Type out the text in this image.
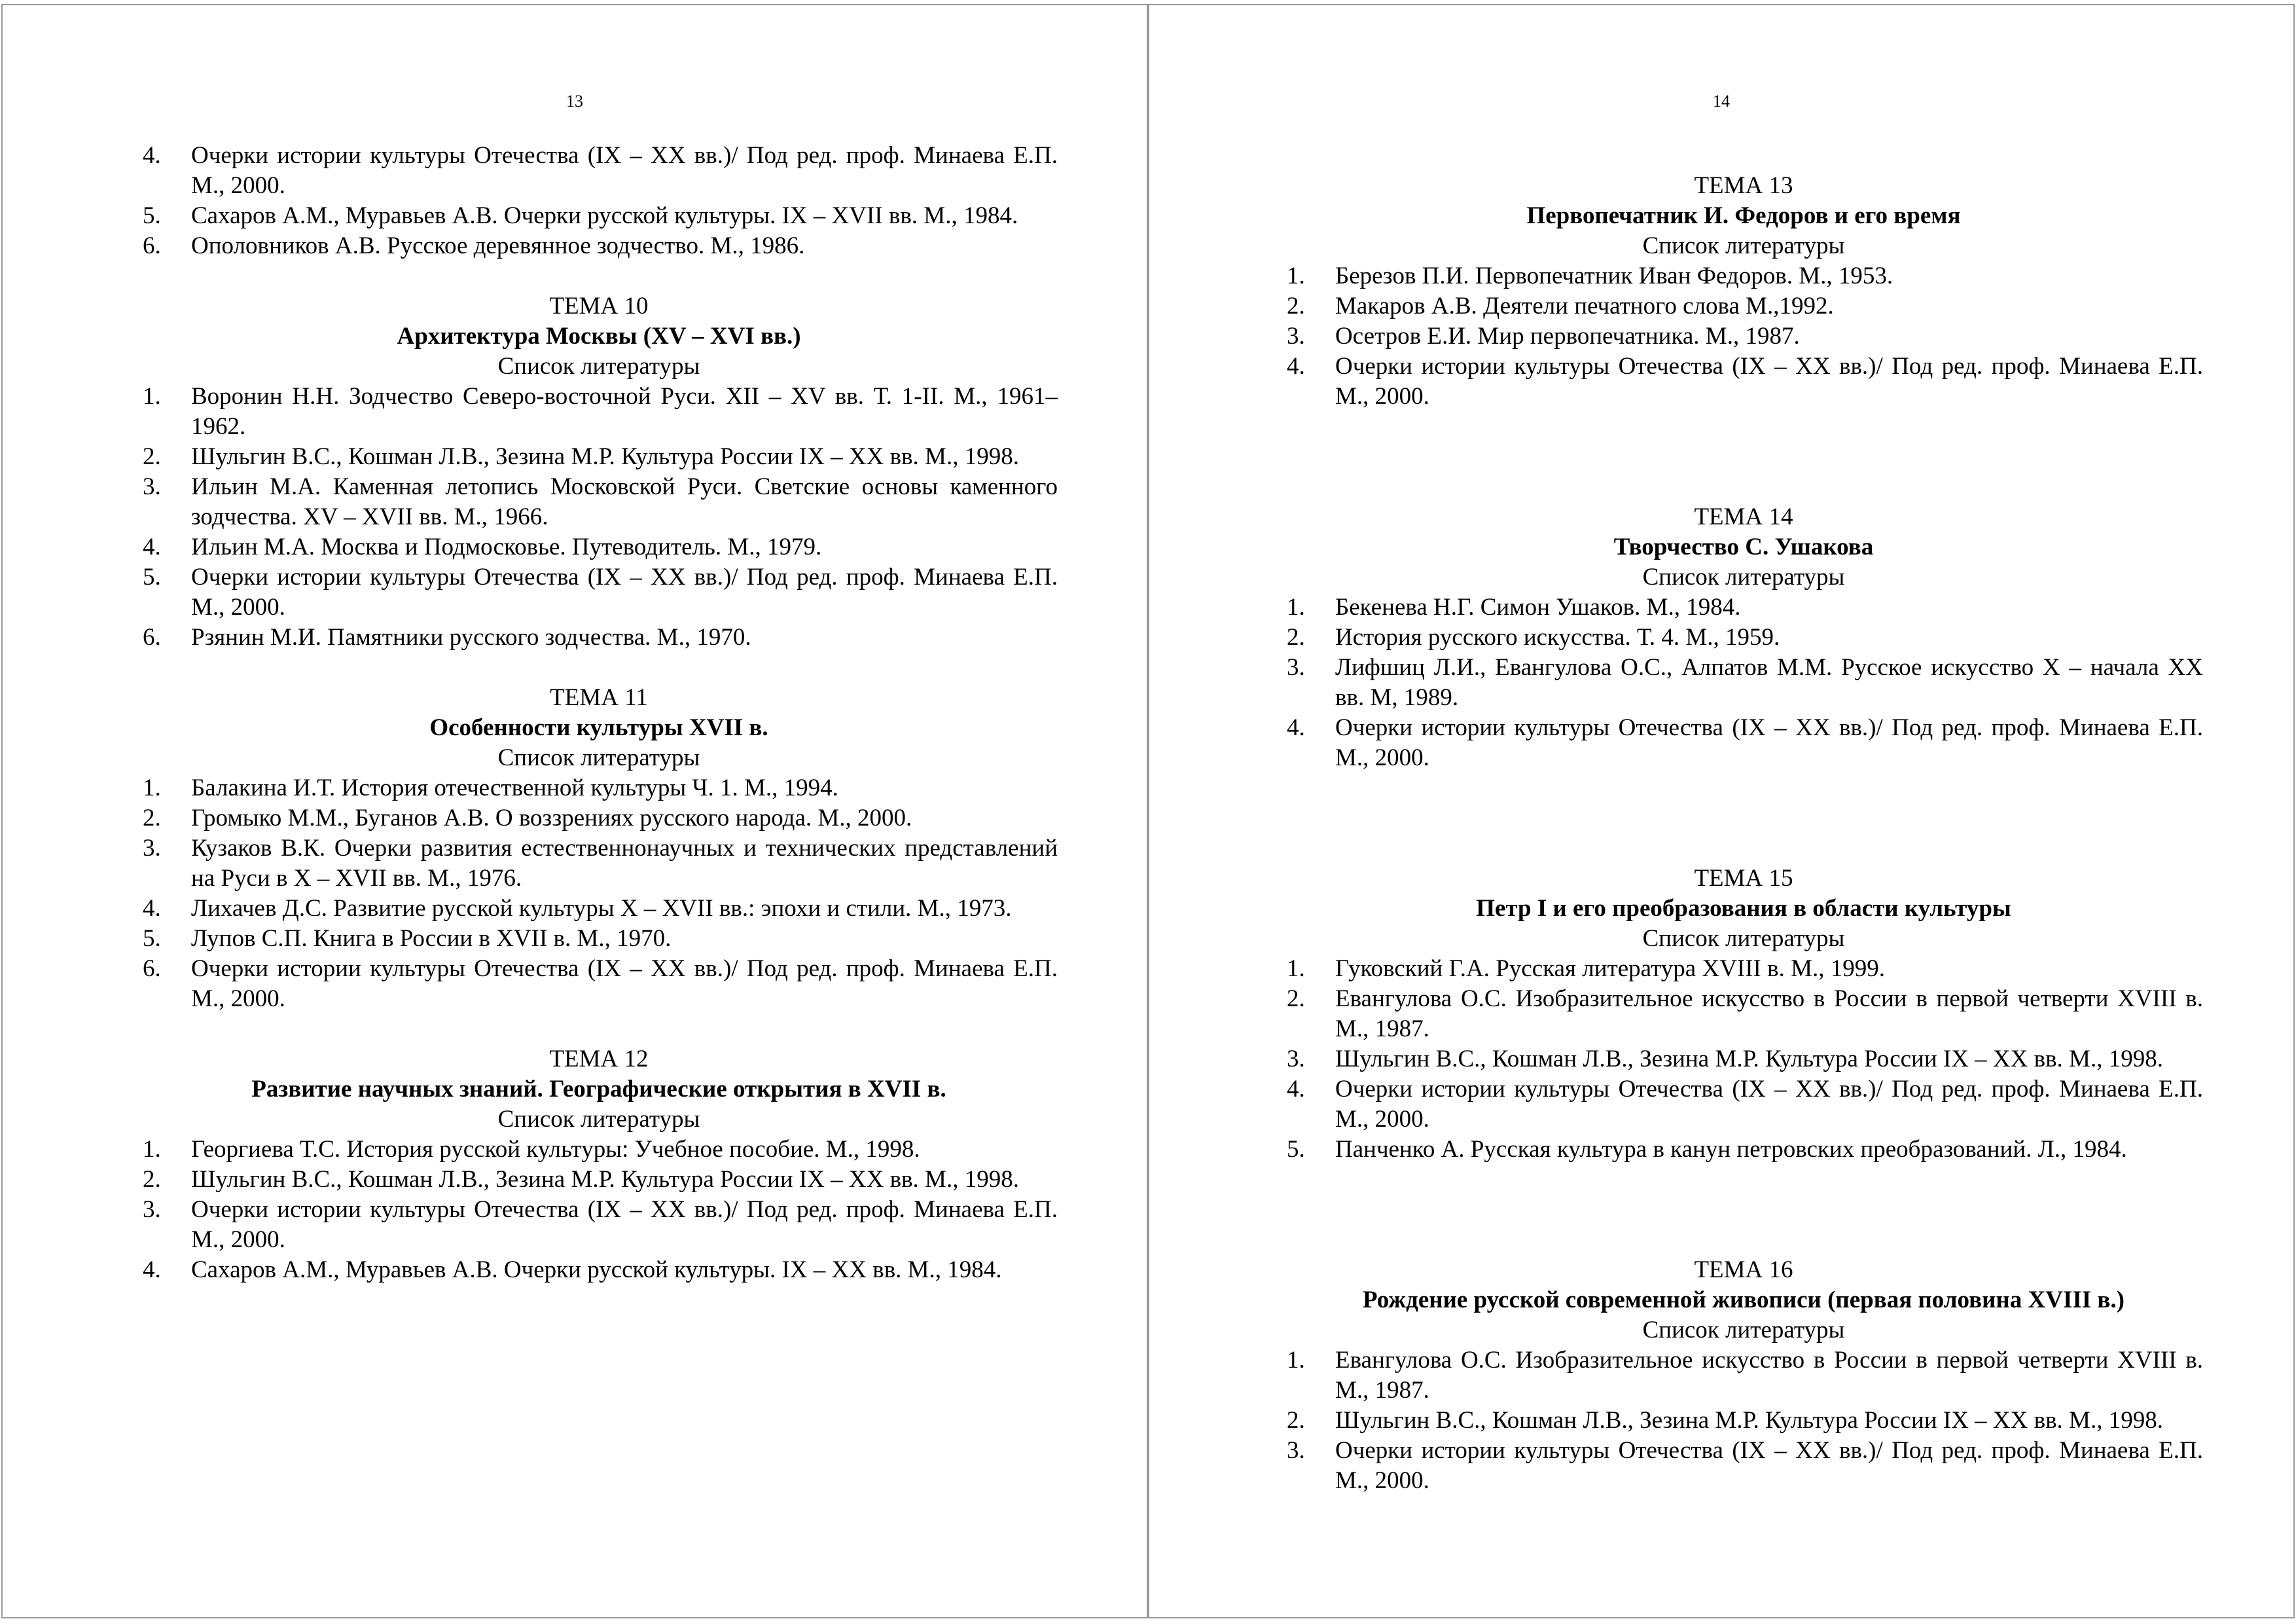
13
4. Очерки истории культуры Отечества (IX – XX вв.)/ Под ред. проф. Минаева Е.П. М., 2000.
5. Сахаров А.М., Муравьев А.В. Очерки русской культуры. IX – XVII вв. М., 1984.
6. Ополовников А.В. Русское деревянное зодчество. М., 1986.
ТЕМА 10
Архитектура Москвы (XV – XVI вв.)
Список литературы
1. Воронин Н.Н. Зодчество Северо-восточной Руси. XII – XV вв. Т. 1-II. М., 1961–1962.
2. Шульгин В.С., Кошман Л.В., Зезина М.Р. Культура России IX – XX вв. М., 1998.
3. Ильин М.А. Каменная летопись Московской Руси. Светские основы каменного зодчества. XV – XVII вв. М., 1966.
4. Ильин М.А. Москва и Подмосковье. Путеводитель. М., 1979.
5. Очерки истории культуры Отечества (IX – XX вв.)/ Под ред. проф. Минаева Е.П. М., 2000.
6. Рзянин М.И. Памятники русского зодчества. М., 1970.
ТЕМА 11
Особенности культуры XVII в.
Список литературы
1. Балакина И.Т. История отечественной культуры Ч. 1. М., 1994.
2. Громыко М.М., Буганов А.В. О воззрениях русского народа. М., 2000.
3. Кузаков В.К. Очерки развития естественнонаучных и технических представлений на Руси в X – XVII вв. М., 1976.
4. Лихачев Д.С. Развитие русской культуры X – XVII вв.: эпохи и стили. М., 1973.
5. Лупов С.П. Книга в России в XVII в. М., 1970.
6. Очерки истории культуры Отечества (IX – XX вв.)/ Под ред. проф. Минаева Е.П. М., 2000.
ТЕМА 12
Развитие научных знаний. Географические открытия в XVII в.
Список литературы
1. Георгиева Т.С. История русской культуры: Учебное пособие. М., 1998.
2. Шульгин В.С., Кошман Л.В., Зезина М.Р. Культура России IX – XX вв. М., 1998.
3. Очерки истории культуры Отечества (IX – XX вв.)/ Под ред. проф. Минаева Е.П. М., 2000.
4. Сахаров А.М., Муравьев А.В. Очерки русской культуры. IX – XX вв. М., 1984.
14
ТЕМА 13
Первопечатник И. Федоров и его время
Список литературы
1. Березов П.И. Первопечатник Иван Федоров. М., 1953.
2. Макаров А.В. Деятели печатного слова М.,1992.
3. Осетров Е.И. Мир первопечатника. М., 1987.
4. Очерки истории культуры Отечества (IX – XX вв.)/ Под ред. проф. Минаева Е.П. М., 2000.
ТЕМА 14
Творчество С. Ушакова
Список литературы
1. Бекенева Н.Г. Симон Ушаков. М., 1984.
2. История русского искусства. Т. 4. М., 1959.
3. Лифшиц Л.И., Евангулова О.С., Алпатов М.М. Русское искусство X – начала XX вв. М, 1989.
4. Очерки истории культуры Отечества (IX – XX вв.)/ Под ред. проф. Минаева Е.П. М., 2000.
ТЕМА 15
Петр I и его преобразования в области культуры
Список литературы
1. Гуковский Г.А. Русская литература XVIII в. М., 1999.
2. Евангулова О.С. Изобразительное искусство в России в первой четверти XVIII в. М., 1987.
3. Шульгин В.С., Кошман Л.В., Зезина М.Р. Культура России IX – XX вв. М., 1998.
4. Очерки истории культуры Отечества (IX – XX вв.)/ Под ред. проф. Минаева Е.П. М., 2000.
5. Панченко А. Русская культура в канун петровских преобразований. Л., 1984.
ТЕМА 16
Рождение русской современной живописи (первая половина XVIII в.)
Список литературы
1. Евангулова О.С. Изобразительное искусство в России в первой четверти XVIII в. М., 1987.
2. Шульгин В.С., Кошман Л.В., Зезина М.Р. Культура России IX – XX вв. М., 1998.
3. Очерки истории культуры Отечества (IX – XX вв.)/ Под ред. проф. Минаева Е.П. М., 2000.
